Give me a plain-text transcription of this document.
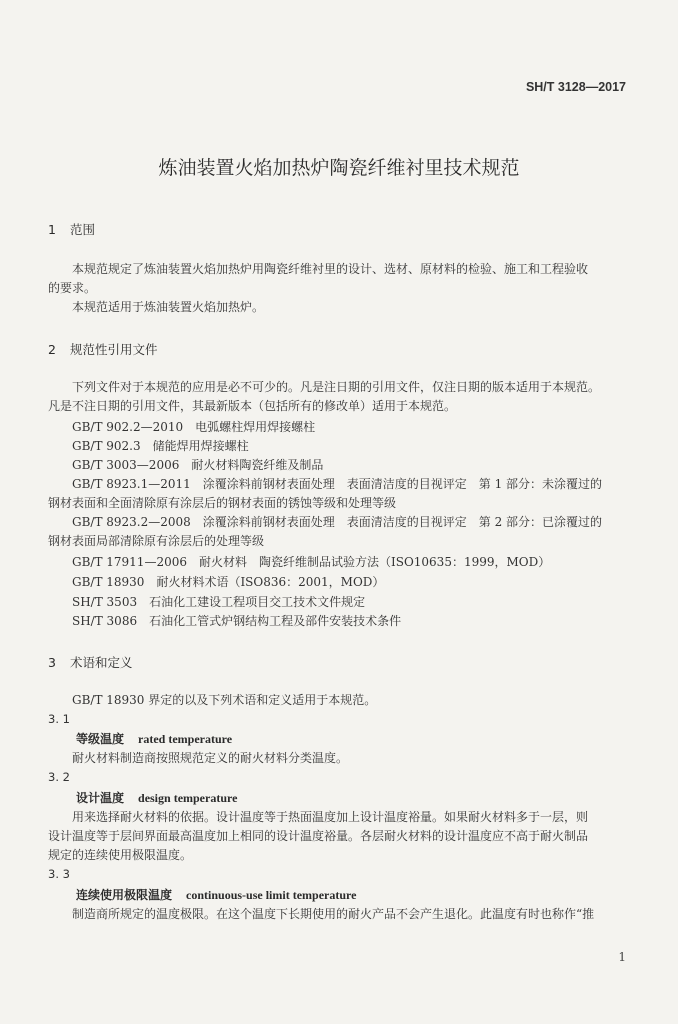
SH/T 3128—2017
炼油装置火焰加热炉陶瓷纤维衬里技术规范
1 范围
本规范规定了炼油装置火焰加热炉用陶瓷纤维衬里的设计、选材、原材料的检验、施工和工程验收
的要求。
本规范适用于炼油装置火焰加热炉。
2 规范性引用文件
下列文件对于本规范的应用是必不可少的。凡是注日期的引用文件，仅注日期的版本适用于本规范。
凡是不注日期的引用文件，其最新版本（包括所有的修改单）适用于本规范。
GB/T 902.2—2010　电弧螺柱焊用焊接螺柱
GB/T 902.3　储能焊用焊接螺柱
GB/T 3003—2006　耐火材料陶瓷纤维及制品
GB/T 8923.1—2011　涂覆涂料前钢材表面处理　表面清洁度的目视评定　第 1 部分：未涂覆过的
钢材表面和全面清除原有涂层后的钢材表面的锈蚀等级和处理等级
GB/T 8923.2—2008　涂覆涂料前钢材表面处理　表面清洁度的目视评定　第 2 部分：已涂覆过的
钢材表面局部清除原有涂层后的处理等级
GB/T 17911—2006　耐火材料　陶瓷纤维制品试验方法（ISO10635：1999，MOD）
GB/T 18930　耐火材料术语（ISO836：2001，MOD）
SH/T 3503　石油化工建设工程项目交工技术文件规定
SH/T 3086　石油化工管式炉钢结构工程及部件安装技术条件
3 术语和定义
GB/T 18930 界定的以及下列术语和定义适用于本规范。
3. 1
等级温度 rated temperature
耐火材料制造商按照规范定义的耐火材料分类温度。
3. 2
设计温度 design temperature
用来选择耐火材料的依据。设计温度等于热面温度加上设计温度裕量。如果耐火材料多于一层，则
设计温度等于层间界面最高温度加上相同的设计温度裕量。各层耐火材料的设计温度应不高于耐火制品
规定的连续使用极限温度。
3. 3
连续使用极限温度 continuous-use limit temperature
制造商所规定的温度极限。在这个温度下长期使用的耐火产品不会产生退化。此温度有时也称作“推
1
